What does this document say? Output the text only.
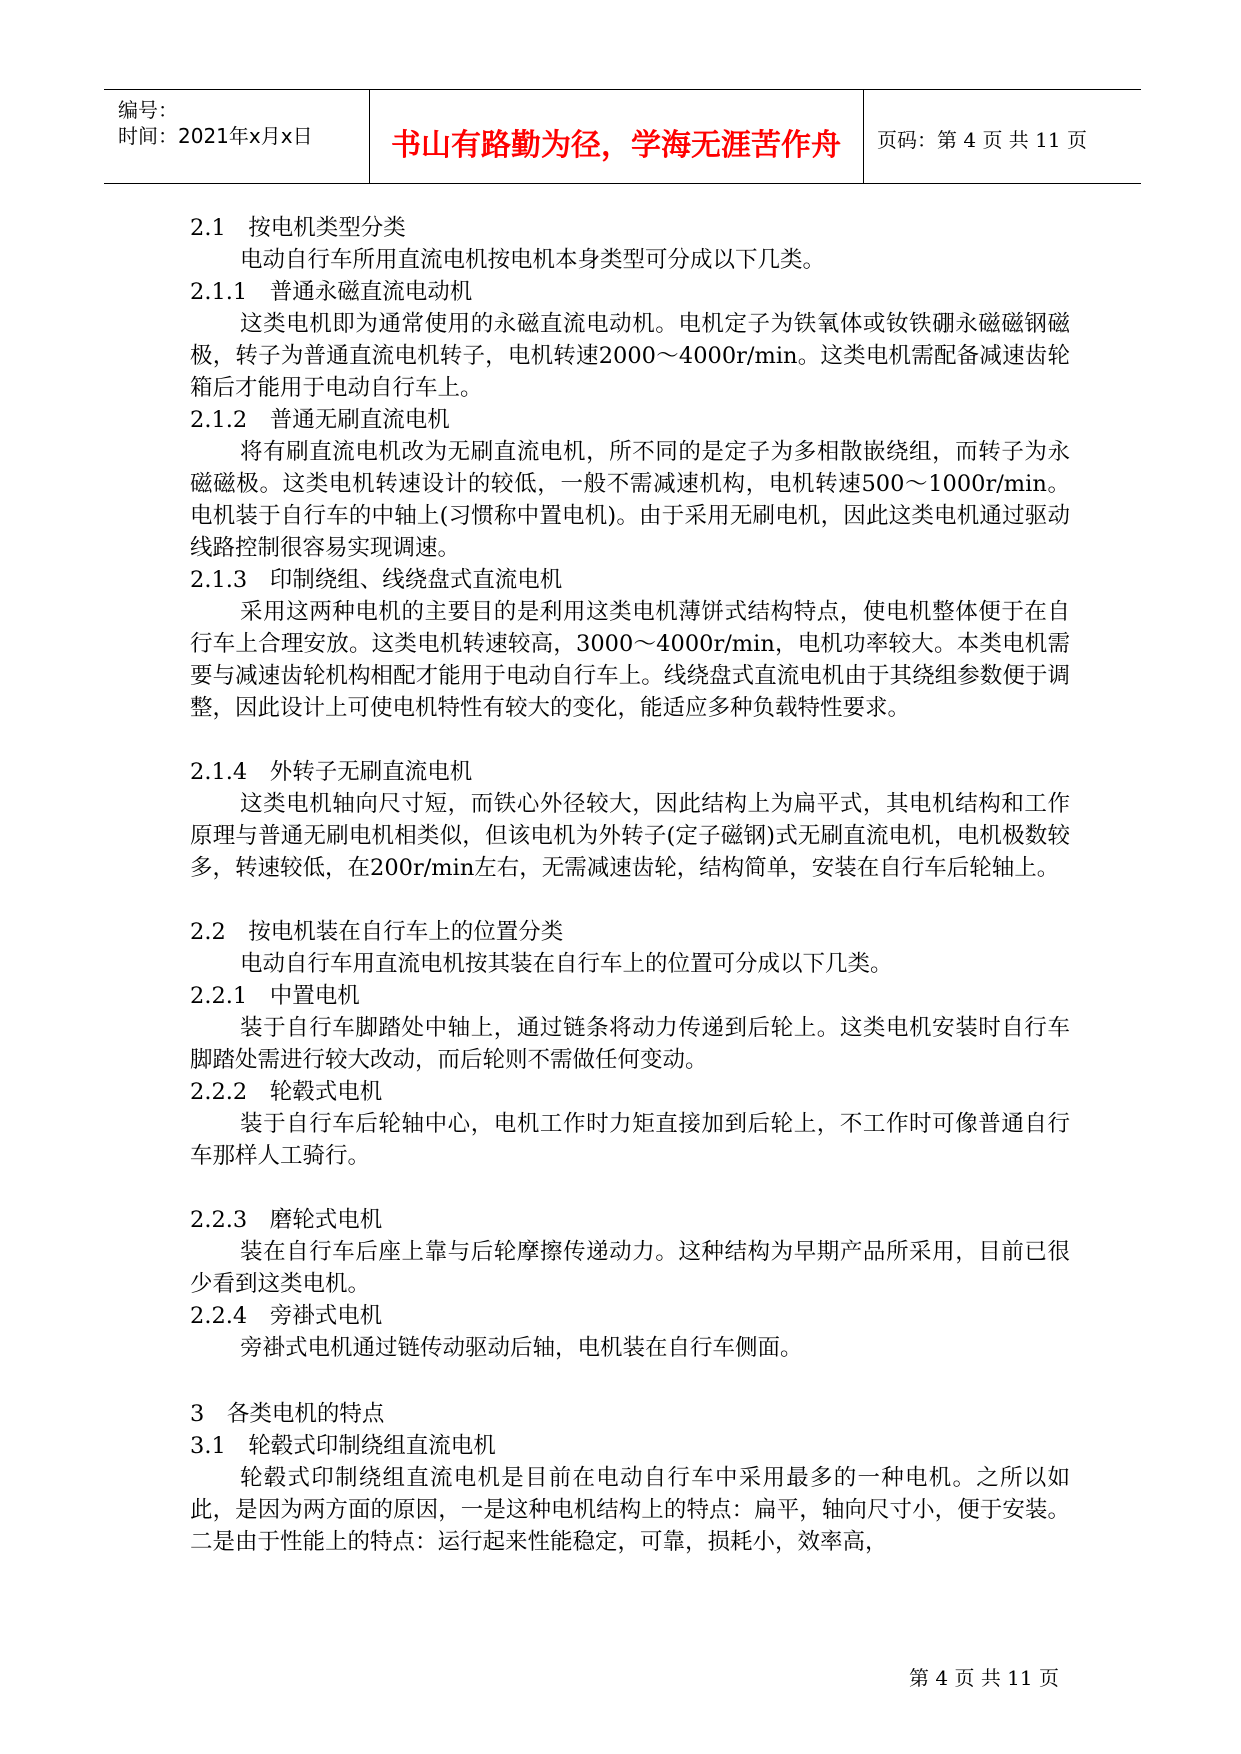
编号：
时间：2021年x月x日	书山有路勤为径，学海无涯苦作舟	页码：第 4 页 共 11 页
2.1　按电机类型分类
电动自行车所用直流电机按电机本身类型可分成以下几类。
2.1.1　普通永磁直流电动机
这类电机即为通常使用的永磁直流电动机。电机定子为铁氧体或钕铁硼永磁磁钢磁极，转子为普通直流电机转子，电机转速2000～4000r/min。这类电机需配备减速齿轮箱后才能用于电动自行车上。
2.1.2　普通无刷直流电机
将有刷直流电机改为无刷直流电机，所不同的是定子为多相散嵌绕组，而转子为永磁磁极。这类电机转速设计的较低，一般不需减速机构，电机转速500～1000r/min。电机装于自行车的中轴上(习惯称中置电机)。由于采用无刷电机，因此这类电机通过驱动线路控制很容易实现调速。
2.1.3　印制绕组、线绕盘式直流电机
采用这两种电机的主要目的是利用这类电机薄饼式结构特点，使电机整体便于在自行车上合理安放。这类电机转速较高，3000～4000r/min，电机功率较大。本类电机需要与减速齿轮机构相配才能用于电动自行车上。线绕盘式直流电机由于其绕组参数便于调整，因此设计上可使电机特性有较大的变化，能适应多种负载特性要求。
2.1.4　外转子无刷直流电机
这类电机轴向尺寸短，而铁心外径较大，因此结构上为扁平式，其电机结构和工作原理与普通无刷电机相类似，但该电机为外转子(定子磁钢)式无刷直流电机，电机极数较多，转速较低，在200r/min左右，无需减速齿轮，结构简单，安装在自行车后轮轴上。
2.2　按电机装在自行车上的位置分类
电动自行车用直流电机按其装在自行车上的位置可分成以下几类。
2.2.1　中置电机
装于自行车脚踏处中轴上，通过链条将动力传递到后轮上。这类电机安装时自行车脚踏处需进行较大改动，而后轮则不需做任何变动。
2.2.2　轮毂式电机
装于自行车后轮轴中心，电机工作时力矩直接加到后轮上，不工作时可像普通自行车那样人工骑行。
2.2.3　磨轮式电机
装在自行车后座上靠与后轮摩擦传递动力。这种结构为早期产品所采用，目前已很少看到这类电机。
2.2.4　旁褂式电机
旁褂式电机通过链传动驱动后轴，电机装在自行车侧面。
3　各类电机的特点
3.1　轮毂式印制绕组直流电机
轮毂式印制绕组直流电机是目前在电动自行车中采用最多的一种电机。之所以如此，是因为两方面的原因，一是这种电机结构上的特点：扁平，轴向尺寸小，便于安装。二是由于性能上的特点：运行起来性能稳定，可靠，损耗小，效率高，
第 4 页 共 11 页
